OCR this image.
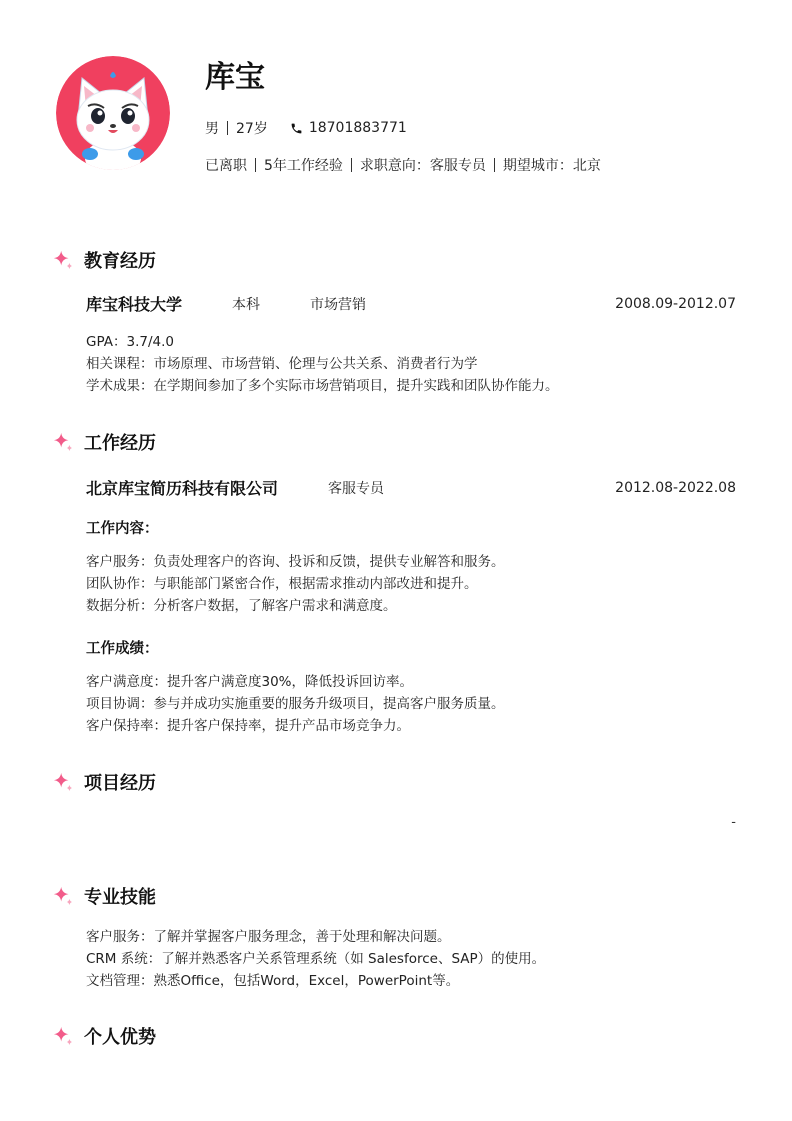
库宝
男 27岁	18701883771
已离职 5年工作经验 求职意向：客服专员 期望城市：北京
教育经历
库宝科技大学	本科	市场营销	2008.09-2012.07
GPA：3.7/4.0
相关课程：市场原理、市场营销、伦理与公共关系、消费者行为学
学术成果：在学期间参加了多个实际市场营销项目，提升实践和团队协作能力。
工作经历
北京库宝简历科技有限公司	客服专员	2012.08-2022.08
工作内容：
客户服务：负责处理客户的咨询、投诉和反馈，提供专业解答和服务。
团队协作：与职能部门紧密合作，根据需求推动内部改进和提升。
数据分析：分析客户数据，了解客户需求和满意度。
工作成绩：
客户满意度：提升客户满意度30%，降低投诉回访率。
项目协调：参与并成功实施重要的服务升级项目，提高客户服务质量。
客户保持率：提升客户保持率，提升产品市场竞争力。
项目经历
-
专业技能
客户服务：了解并掌握客户服务理念，善于处理和解决问题。
CRM 系统：了解并熟悉客户关系管理系统（如 Salesforce、SAP）的使用。
文档管理：熟悉Office，包括Word，Excel，PowerPoint等。
个人优势
